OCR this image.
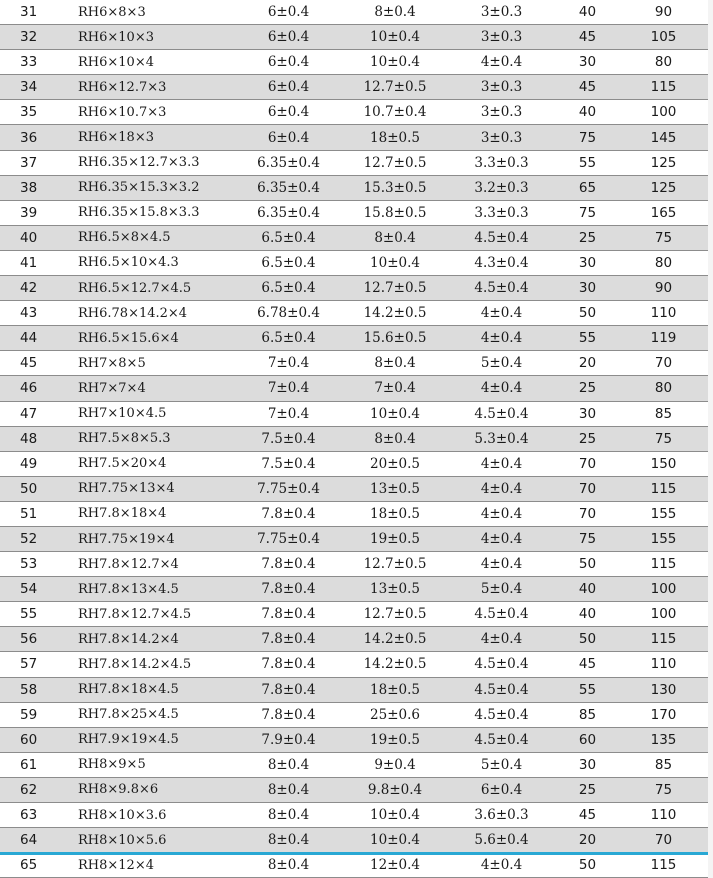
31	RH6×8×3	6±0.4	8±0.4	3±0.3	40	90
32	RH6×10×3	6±0.4	10±0.4	3±0.3	45	105
33	RH6×10×4	6±0.4	10±0.4	4±0.4	30	80
34	RH6×12.7×3	6±0.4	12.7±0.5	3±0.3	45	115
35	RH6×10.7×3	6±0.4	10.7±0.4	3±0.3	40	100
36	RH6×18×3	6±0.4	18±0.5	3±0.3	75	145
37	RH6.35×12.7×3.3	6.35±0.4	12.7±0.5	3.3±0.3	55	125
38	RH6.35×15.3×3.2	6.35±0.4	15.3±0.5	3.2±0.3	65	125
39	RH6.35×15.8×3.3	6.35±0.4	15.8±0.5	3.3±0.3	75	165
40	RH6.5×8×4.5	6.5±0.4	8±0.4	4.5±0.4	25	75
41	RH6.5×10×4.3	6.5±0.4	10±0.4	4.3±0.4	30	80
42	RH6.5×12.7×4.5	6.5±0.4	12.7±0.5	4.5±0.4	30	90
43	RH6.78×14.2×4	6.78±0.4	14.2±0.5	4±0.4	50	110
44	RH6.5×15.6×4	6.5±0.4	15.6±0.5	4±0.4	55	119
45	RH7×8×5	7±0.4	8±0.4	5±0.4	20	70
46	RH7×7×4	7±0.4	7±0.4	4±0.4	25	80
47	RH7×10×4.5	7±0.4	10±0.4	4.5±0.4	30	85
48	RH7.5×8×5.3	7.5±0.4	8±0.4	5.3±0.4	25	75
49	RH7.5×20×4	7.5±0.4	20±0.5	4±0.4	70	150
50	RH7.75×13×4	7.75±0.4	13±0.5	4±0.4	70	115
51	RH7.8×18×4	7.8±0.4	18±0.5	4±0.4	70	155
52	RH7.75×19×4	7.75±0.4	19±0.5	4±0.4	75	155
53	RH7.8×12.7×4	7.8±0.4	12.7±0.5	4±0.4	50	115
54	RH7.8×13×4.5	7.8±0.4	13±0.5	5±0.4	40	100
55	RH7.8×12.7×4.5	7.8±0.4	12.7±0.5	4.5±0.4	40	100
56	RH7.8×14.2×4	7.8±0.4	14.2±0.5	4±0.4	50	115
57	RH7.8×14.2×4.5	7.8±0.4	14.2±0.5	4.5±0.4	45	110
58	RH7.8×18×4.5	7.8±0.4	18±0.5	4.5±0.4	55	130
59	RH7.8×25×4.5	7.8±0.4	25±0.6	4.5±0.4	85	170
60	RH7.9×19×4.5	7.9±0.4	19±0.5	4.5±0.4	60	135
61	RH8×9×5	8±0.4	9±0.4	5±0.4	30	85
62	RH8×9.8×6	8±0.4	9.8±0.4	6±0.4	25	75
63	RH8×10×3.6	8±0.4	10±0.4	3.6±0.3	45	110
64	RH8×10×5.6	8±0.4	10±0.4	5.6±0.4	20	70
65	RH8×12×4	8±0.4	12±0.4	4±0.4	50	115
